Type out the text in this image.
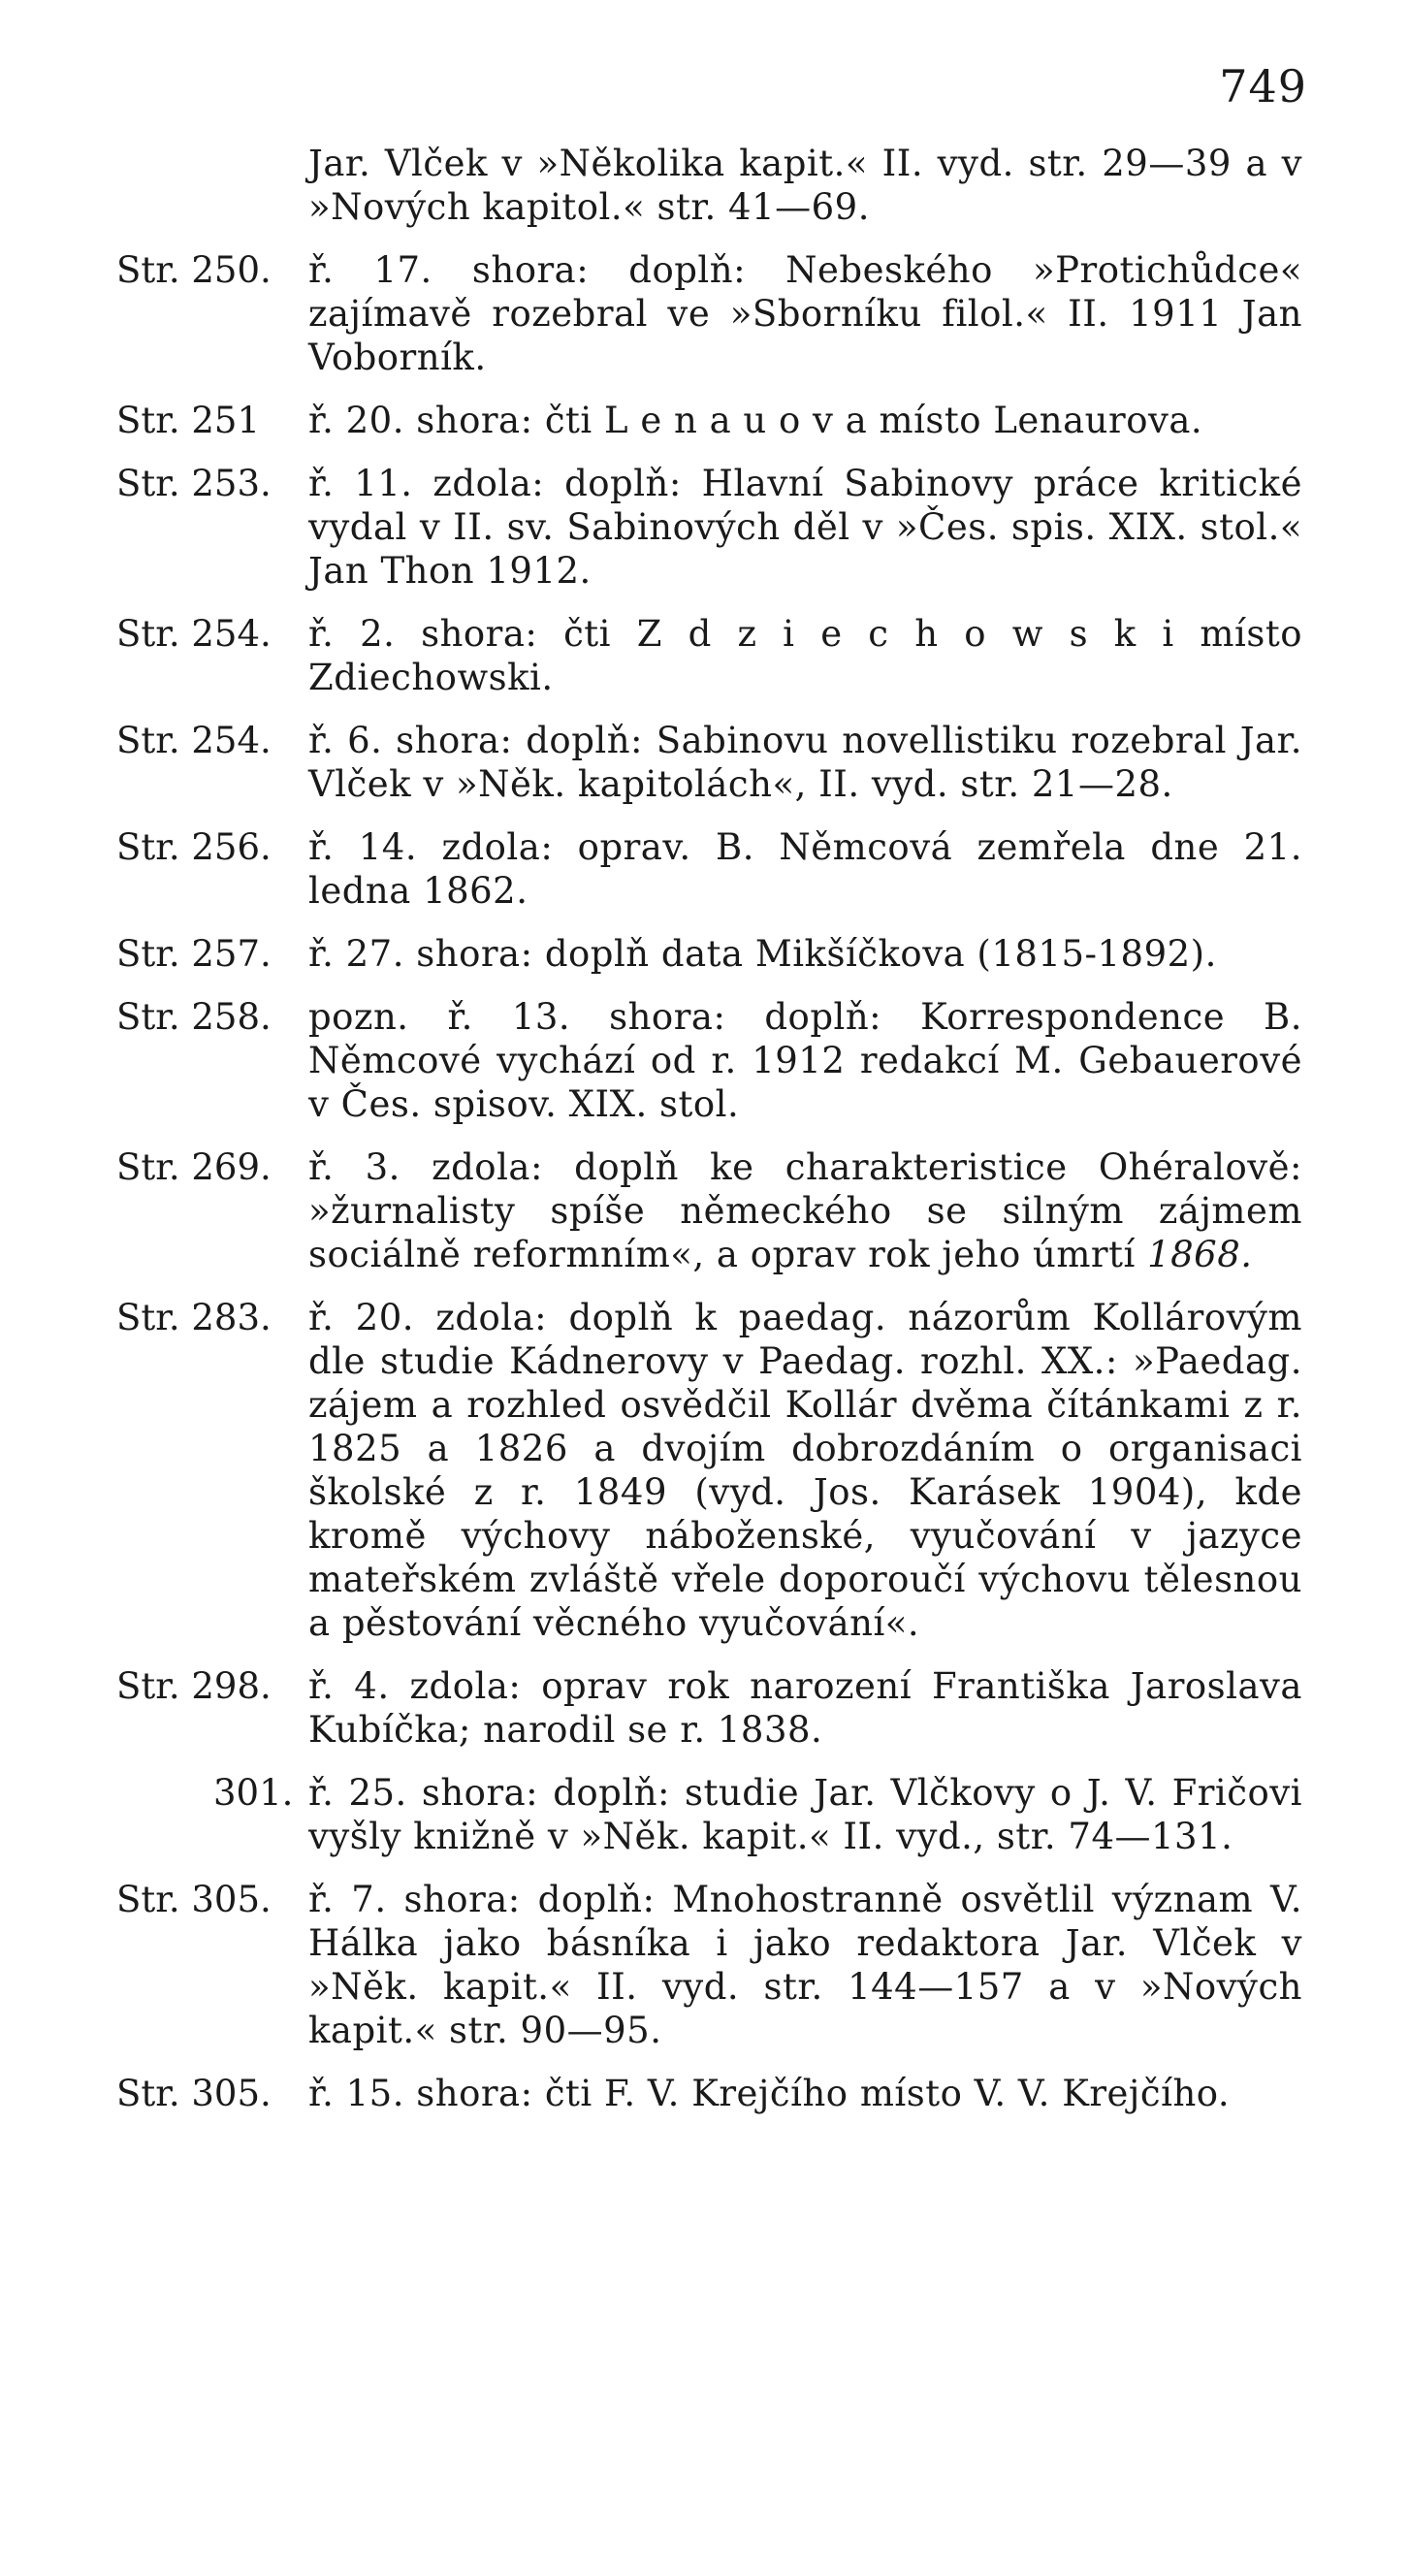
749
Jar. Vlček v »Několika kapit.« II. vyd. str. 29—39 a v »Nových kapitol.« str. 41—69.
Str. 250.	ř. 17. shora: doplň: Nebeského »Protichůdce« zajímavě rozebral ve »Sborníku filol.« II. 1911 Jan Voborník.
Str. 251	ř. 20. shora: čti L e n a u o v a místo Lenaurova.
Str. 253.	ř. 11. zdola: doplň: Hlavní Sabinovy práce kritické vydal v II. sv. Sabinových děl v »Čes. spis. XIX. stol.« Jan Thon 1912.
Str. 254.	ř. 2. shora: čti Z d z i e c h o w s k i místo Zdiechowski.
Str. 254.	ř. 6. shora: doplň: Sabinovu novellistiku rozebral Jar. Vlček v »Něk. kapitolách«, II. vyd. str. 21—28.
Str. 256.	ř. 14. zdola: oprav. B. Němcová zemřela dne 21. ledna 1862.
Str. 257.	ř. 27. shora: doplň data Mikšíčkova (1815-1892).
Str. 258.	pozn. ř. 13. shora: doplň: Korrespondence B. Němcové vychází od r. 1912 redakcí M. Gebauerové v Čes. spisov. XIX. stol.
Str. 269.	ř. 3. zdola: doplň ke charakteristice Ohéralově: »žurnalisty spíše německého se silným zájmem sociálně reformním«, a oprav rok jeho úmrtí 1868.
Str. 283.	ř. 20. zdola: doplň k paedag. názorům Kollárovým dle studie Kádnerovy v Paedag. rozhl. XX.: »Paedag. zájem a rozhled osvědčil Kollár dvěma čítánkami z r. 1825 a 1826 a dvojím dobrozdáním o organisaci školské z r. 1849 (vyd. Jos. Karásek 1904), kde kromě výchovy náboženské, vyučování v jazyce mateřském zvláště vřele doporoučí výchovu tělesnou a pěstování věcného vyučování«.
Str. 298.	ř. 4. zdola: oprav rok narození Františka Jaroslava Kubíčka; narodil se r. 1838.
301. ř. 25. shora: doplň: studie Jar. Vlčkovy o J. V. Fričovi vyšly knižně v »Něk. kapit.« II. vyd., str. 74—131.
Str. 305.	ř. 7. shora: doplň: Mnohostranně osvětlil význam V. Hálka jako básníka i jako redaktora Jar. Vlček v »Něk. kapit.« II. vyd. str. 144—157 a v »Nových kapit.« str. 90—95.
Str. 305.	ř. 15. shora: čti F. V. Krejčího místo V. V. Krejčího.
